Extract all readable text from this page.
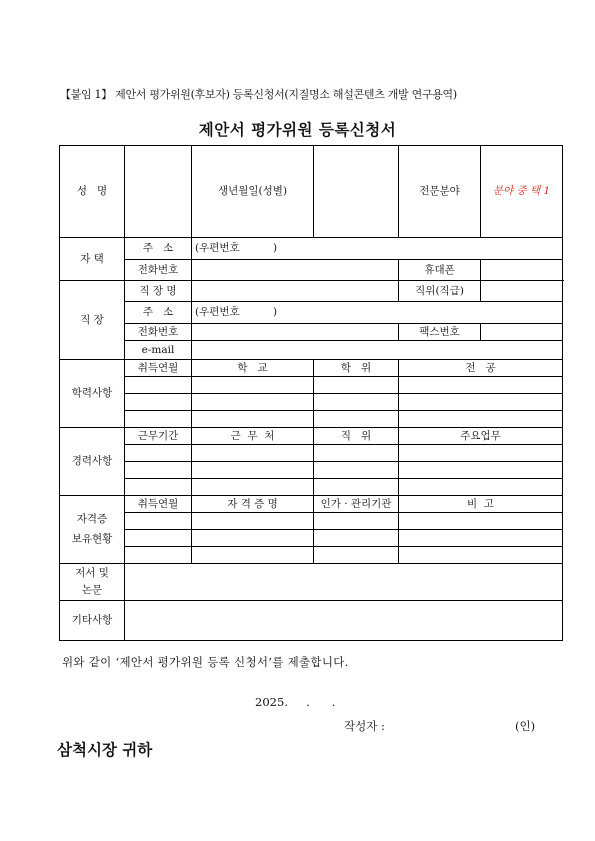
【붙임 1】 제안서 평가위원(후보자) 등록신청서(지질명소 해설콘텐츠 개발 연구용역)
제안서 평가위원 등록신청서
성   명		생년월일(성별)		전문분야	분야 중 택 1
자 택	주   소	(우편번호          )			
	전화번호			휴대폰	
직 장	직 장 명			직위(직급)	
	주   소	(우편번호          )			
	전화번호			팩스번호	
	e-mail				
학력사항	취득연월	학   교	학   위	전   공	

경력사항	근무기간	근  무  처	직   위	주요업무	

자격증
보유현황	취득연월	자 격 증 명	인가 · 관리기관	비  고	

저서 및
논문					
기타사항					
위와 같이 ‘제안서 평가위원 등록 신청서’를 제출합니다.
2025.     .      .
작성자 :	(인)
삼척시장 귀하
